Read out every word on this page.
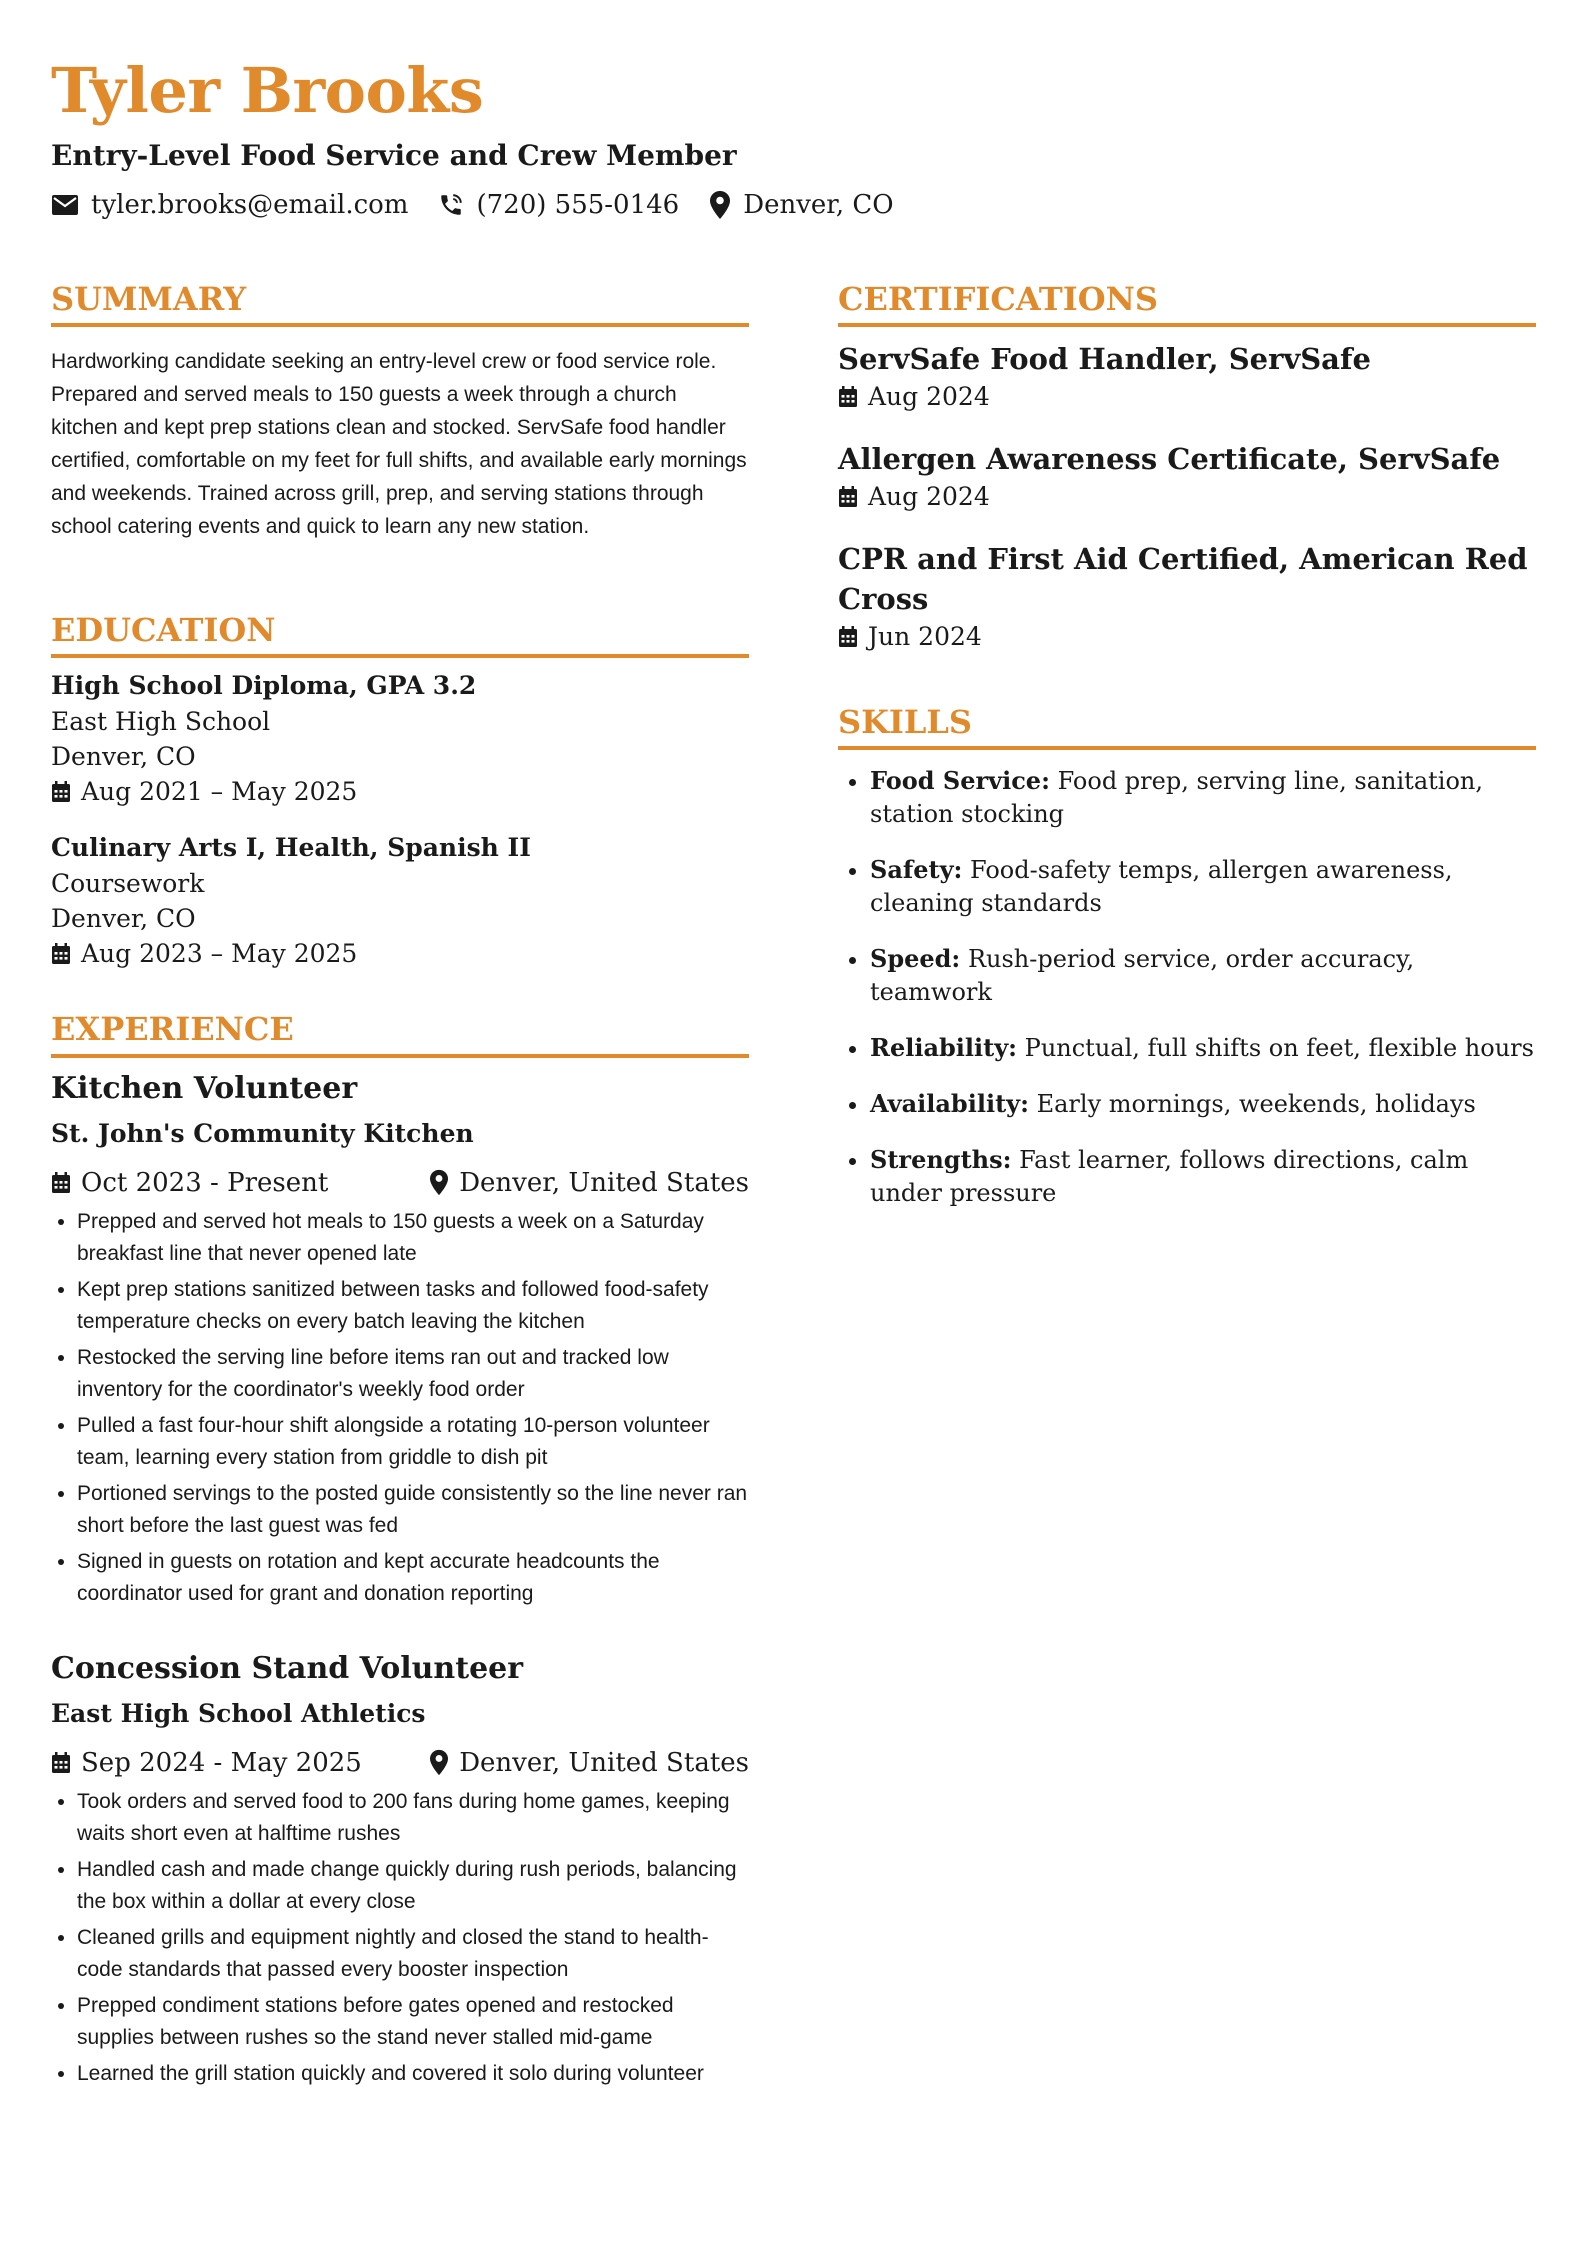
Tyler Brooks
Entry-Level Food Service and Crew Member
tyler.brooks@email.com	(720) 555-0146 Denver, CO
SUMMARY
Hardworking candidate seeking an entry-level crew or food service role. Prepared and served meals to 150 guests a week through a church kitchen and kept prep stations clean and stocked. ServSafe food handler certified, comfortable on my feet for full shifts, and available early mornings and weekends. Trained across grill, prep, and serving stations through school catering events and quick to learn any new station.
EDUCATION
High School Diploma, GPA 3.2
East High School
Denver, CO
Aug 2021 – May 2025
Culinary Arts I, Health, Spanish II
Coursework
Denver, CO
Aug 2023 – May 2025
EXPERIENCE
Kitchen Volunteer
St. John's Community Kitchen
Oct 2023 - Present	Denver, United States
• Prepped and served hot meals to 150 guests a week on a Saturday breakfast line that never opened late
• Kept prep stations sanitized between tasks and followed food-safety temperature checks on every batch leaving the kitchen
• Restocked the serving line before items ran out and tracked low inventory for the coordinator's weekly food order
• Pulled a fast four-hour shift alongside a rotating 10-person volunteer team, learning every station from griddle to dish pit
• Portioned servings to the posted guide consistently so the line never ran short before the last guest was fed
• Signed in guests on rotation and kept accurate headcounts the coordinator used for grant and donation reporting
Concession Stand Volunteer
East High School Athletics
Sep 2024 - May 2025	Denver, United States
• Took orders and served food to 200 fans during home games, keeping waits short even at halftime rushes
• Handled cash and made change quickly during rush periods, balancing the box within a dollar at every close
• Cleaned grills and equipment nightly and closed the stand to health-code standards that passed every booster inspection
• Prepped condiment stations before gates opened and restocked supplies between rushes so the stand never stalled mid-game
• Learned the grill station quickly and covered it solo during volunteer
CERTIFICATIONS
ServSafe Food Handler, ServSafe
Aug 2024
Allergen Awareness Certificate, ServSafe
Aug 2024
CPR and First Aid Certified, American Red Cross
Jun 2024
SKILLS
• Food Service: Food prep, serving line, sanitation, station stocking
• Safety: Food-safety temps, allergen awareness, cleaning standards
• Speed: Rush-period service, order accuracy, teamwork
• Reliability: Punctual, full shifts on feet, flexible hours
• Availability: Early mornings, weekends, holidays
• Strengths: Fast learner, follows directions, calm under pressure
